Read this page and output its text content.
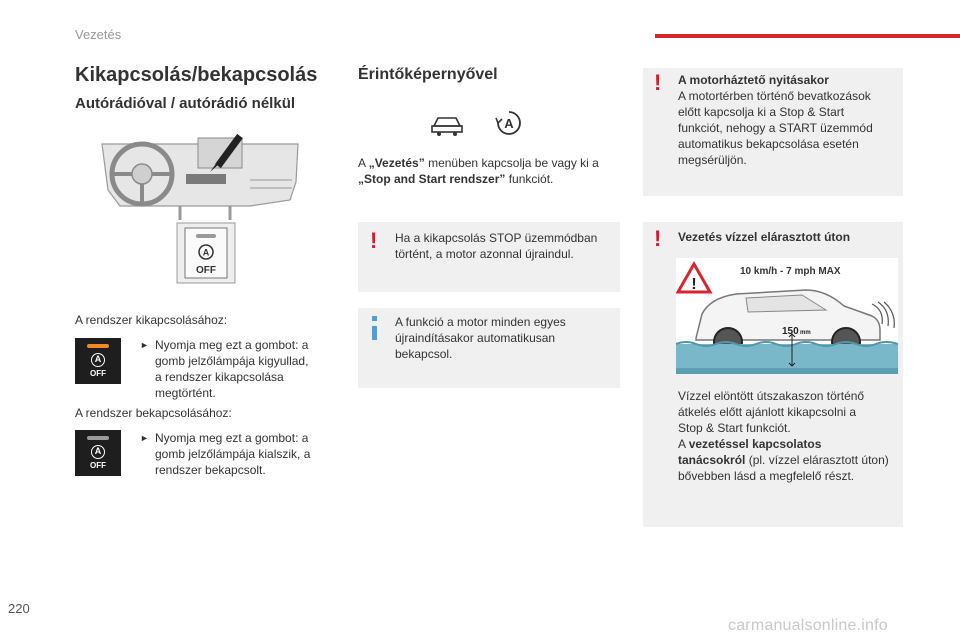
Vezetés
Kikapcsolás/bekapcsolás
Autórádióval / autórádió nélkül
A
OFF
A rendszer kikapcsolásához:
A
OFF
► Nyomja meg ezt a gombot: a
gomb jelzőlámpája kigyullad,
a rendszer kikapcsolása
megtörtént.
A rendszer bekapcsolásához:
A
OFF
► Nyomja meg ezt a gombot: a
gomb jelzőlámpája kialszik, a
rendszer bekapcsolt.
Érintőképernyővel
A
A „Vezetés” menüben kapcsolja be vagy ki a
„Stop and Start rendszer” funkciót.
! Ha a kikapcsolás STOP üzemmódban
történt, a motor azonnal újraindul.
A funkció a motor minden egyes
újraindításakor automatikusan
bekapcsol.
! A motorháztető nyitásakor
A motortérben történő bevatkozások
előtt kapcsolja ki a Stop & Start
funkciót, nehogy a START üzemmód
automatikus bekapcsolása esetén
megsérüljön.
! Vezetés vízzel elárasztott úton
!
10 km/h - 7 mph MAX
150 mm
Vízzel elöntött útszakaszon történő
átkelés előtt ajánlott kikapcsolni a
Stop & Start funkciót.
A vezetéssel kapcsolatos
tanácsokról (pl. vízzel elárasztott úton)
bővebben lásd a megfelelő részt.
220
carmanualsonline.info
